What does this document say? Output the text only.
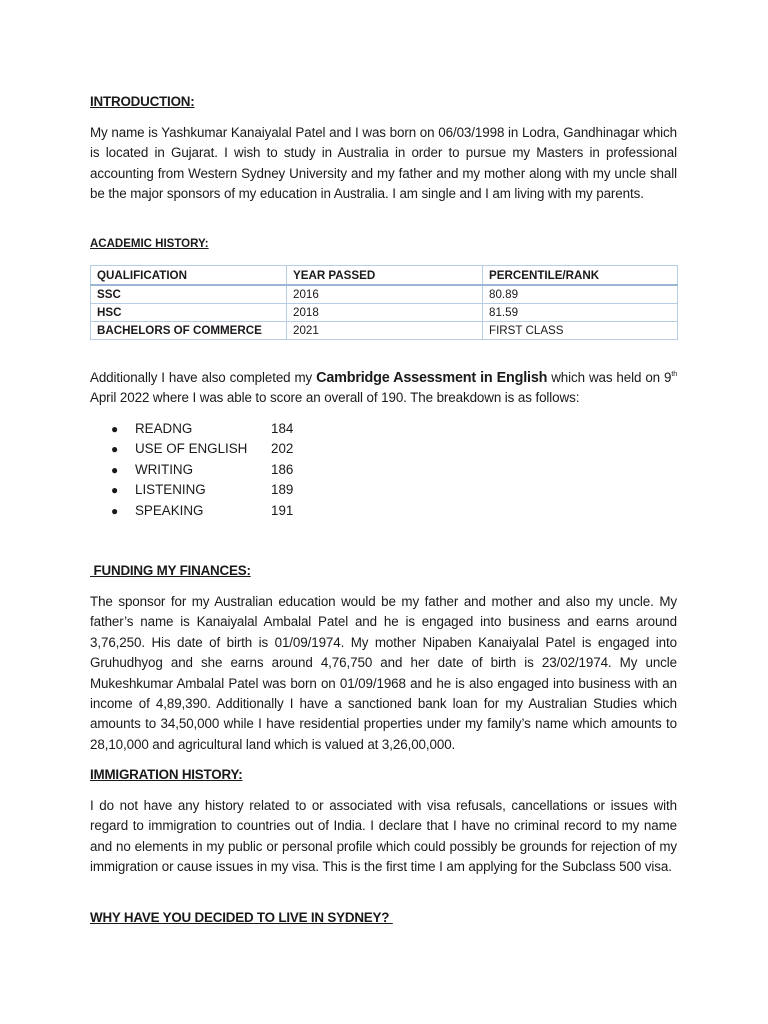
INTRODUCTION:
My name is Yashkumar Kanaiyalal Patel and I was born on 06/03/1998 in Lodra, Gandhinagar which is located in Gujarat. I wish to study in Australia in order to pursue my Masters in professional accounting from Western Sydney University and my father and my mother along with my uncle shall be the major sponsors of my education in Australia. I am single and I am living with my parents.
ACADEMIC HISTORY:
QUALIFICATION	YEAR PASSED	PERCENTILE/RANK
SSC	2016	80.89
HSC	2018	81.59
BACHELORS OF COMMERCE	2021	FIRST CLASS
Additionally I have also completed my Cambridge Assessment in English which was held on 9th April 2022 where I was able to score an overall of 190. The breakdown is as follows:
● READNG	184
● USE OF ENGLISH 202
● WRITING	186
● LISTENING	189
● SPEAKING	191
FUNDING MY FINANCES:
The sponsor for my Australian education would be my father and mother and also my uncle. My father’s name is Kanaiyalal Ambalal Patel and he is engaged into business and earns around 3,76,250. His date of birth is 01/09/1974. My mother Nipaben Kanaiyalal Patel is engaged into Gruhudhyog and she earns around 4,76,750 and her date of birth is 23/02/1974. My uncle Mukeshkumar Ambalal Patel was born on 01/09/1968 and he is also engaged into business with an income of 4,89,390. Additionally I have a sanctioned bank loan for my Australian Studies which amounts to 34,50,000 while I have residential properties under my family’s name which amounts to 28,10,000 and agricultural land which is valued at 3,26,00,000.
IMMIGRATION HISTORY:
I do not have any history related to or associated with visa refusals, cancellations or issues with regard to immigration to countries out of India. I declare that I have no criminal record to my name and no elements in my public or personal profile which could possibly be grounds for rejection of my immigration or cause issues in my visa. This is the first time I am applying for the Subclass 500 visa.
WHY HAVE YOU DECIDED TO LIVE IN SYDNEY?
